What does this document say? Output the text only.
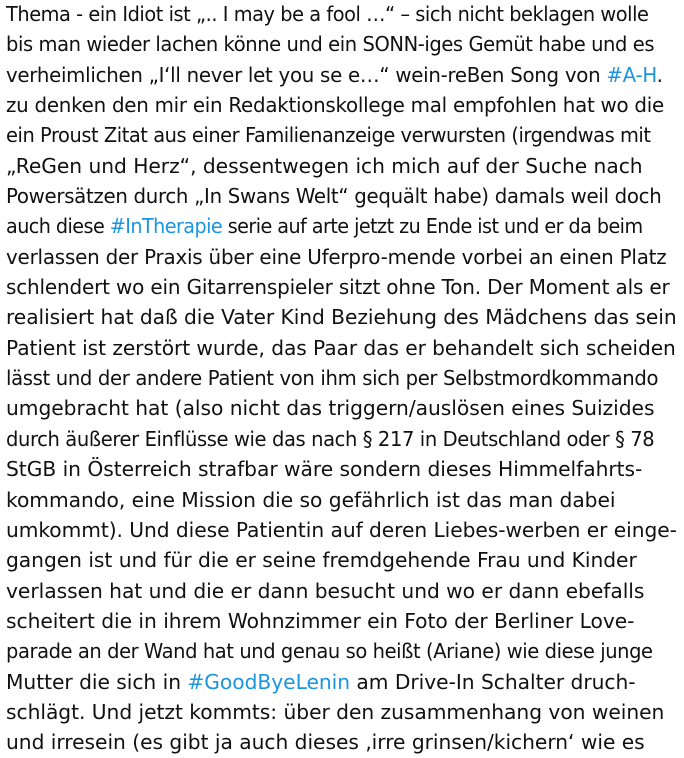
Thema - ein Idiot ist „.. I may be a fool …“ – sich nicht beklagen wolle
bis man wieder lachen könne und ein SONN-iges Gemüt habe und es
verheimlichen „I‘ll never let you se e…“ wein-reBen Song von #A-H.
zu denken den mir ein Redaktionskollege mal empfohlen hat wo die
ein Proust Zitat aus einer Familienanzeige verwursten (irgendwas mit
„ReGen und Herz“, dessentwegen ich mich auf der Suche nach
Powersätzen durch „In Swans Welt“ gequält habe) damals weil doch
auch diese #InTherapie serie auf arte jetzt zu Ende ist und er da beim
verlassen der Praxis über eine Uferpro-mende vorbei an einen Platz
schlendert wo ein Gitarrenspieler sitzt ohne Ton. Der Moment als er
realisiert hat daß die Vater Kind Beziehung des Mädchens das sein
Patient ist zerstört wurde, das Paar das er behandelt sich scheiden
lässt und der andere Patient von ihm sich per Selbstmordkommando
umgebracht hat (also nicht das triggern/auslösen eines Suizides
durch äußerer Einflüsse wie das nach § 217 in Deutschland oder § 78
StGB in Österreich strafbar wäre sondern dieses Himmelfahrts-
kommando, eine Mission die so gefährlich ist das man dabei
umkommt). Und diese Patientin auf deren Liebes-werben er einge-
gangen ist und für die er seine fremdgehende Frau und Kinder
verlassen hat und die er dann besucht und wo er dann ebefalls
scheitert die in ihrem Wohnzimmer ein Foto der Berliner Love-
parade an der Wand hat und genau so heißt (Ariane) wie diese junge
Mutter die sich in #GoodByeLenin am Drive-In Schalter druch-
schlägt. Und jetzt kommts: über den zusammenhang von weinen
und irresein (es gibt ja auch dieses ‚irre grinsen/kichern‘ wie es
